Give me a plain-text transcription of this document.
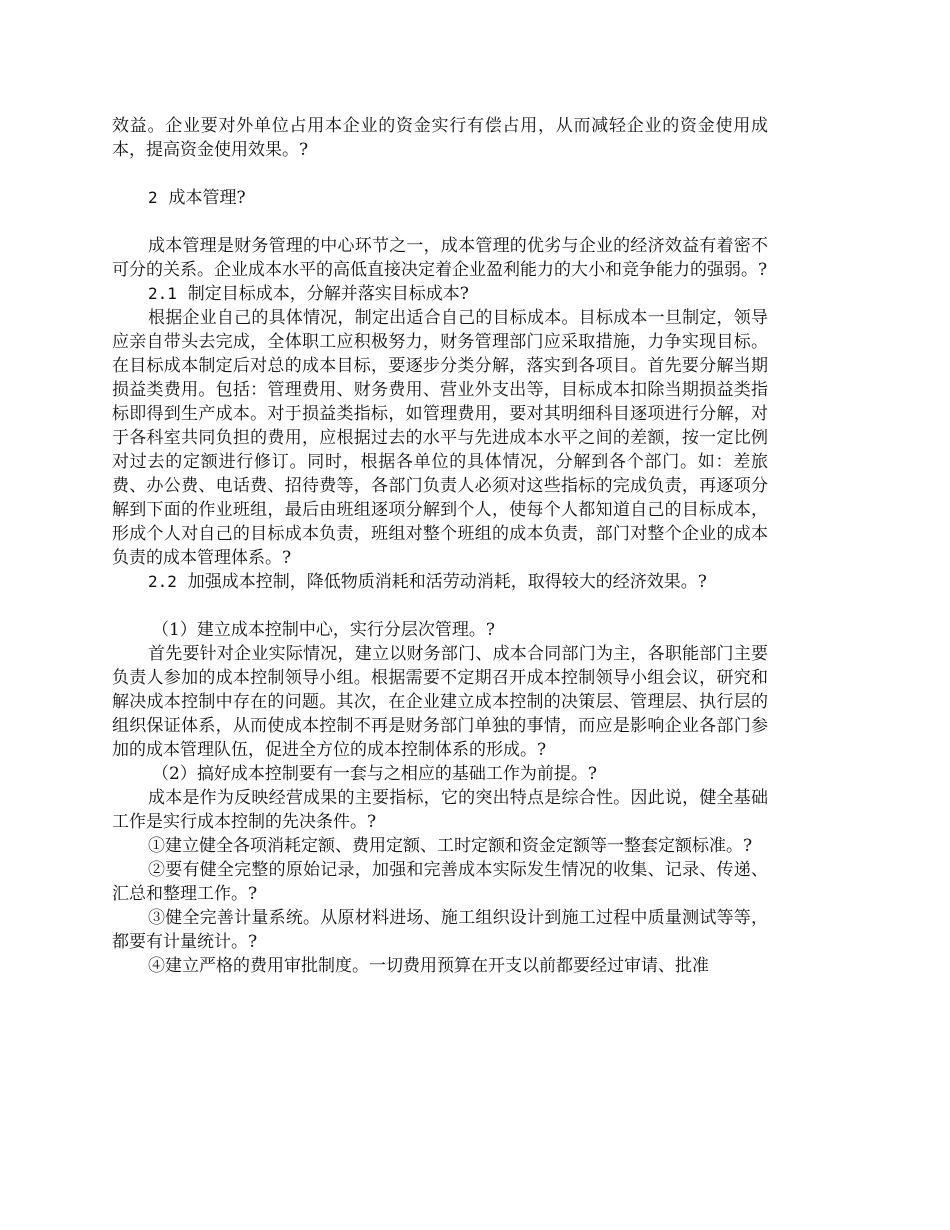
效益。企业要对外单位占用本企业的资金实行有偿占用，从而减轻企业的资金使用成本，提高资金使用效果。?

2 成本管理?

成本管理是财务管理的中心环节之一，成本管理的优劣与企业的经济效益有着密不可分的关系。企业成本水平的高低直接决定着企业盈利能力的大小和竞争能力的强弱。?

2.1 制定目标成本，分解并落实目标成本?

根据企业自己的具体情况，制定出适合自己的目标成本。目标成本一旦制定，领导应亲自带头去完成，全体职工应积极努力，财务管理部门应采取措施，力争实现目标。在目标成本制定后对总的成本目标，要逐步分类分解，落实到各项目。首先要分解当期损益类费用。包括：管理费用、财务费用、营业外支出等，目标成本扣除当期损益类指标即得到生产成本。对于损益类指标，如管理费用，要对其明细科目逐项进行分解，对于各科室共同负担的费用，应根据过去的水平与先进成本水平之间的差额，按一定比例对过去的定额进行修订。同时，根据各单位的具体情况，分解到各个部门。如：差旅费、办公费、电话费、招待费等，各部门负责人必须对这些指标的完成负责，再逐项分解到下面的作业班组，最后由班组逐项分解到个人，使每个人都知道自己的目标成本，形成个人对自己的目标成本负责，班组对整个班组的成本负责，部门对整个企业的成本负责的成本管理体系。?

2.2 加强成本控制，降低物质消耗和活劳动消耗，取得较大的经济效果。?

（1）建立成本控制中心，实行分层次管理。?

首先要针对企业实际情况，建立以财务部门、成本合同部门为主，各职能部门主要负责人参加的成本控制领导小组。根据需要不定期召开成本控制领导小组会议，研究和解决成本控制中存在的问题。其次，在企业建立成本控制的决策层、管理层、执行层的组织保证体系，从而使成本控制不再是财务部门单独的事情，而应是影响企业各部门参加的成本管理队伍，促进全方位的成本控制体系的形成。?

（2）搞好成本控制要有一套与之相应的基础工作为前提。?

成本是作为反映经营成果的主要指标，它的突出特点是综合性。因此说，健全基础工作是实行成本控制的先决条件。?

①建立健全各项消耗定额、费用定额、工时定额和资金定额等一整套定额标准。?

②要有健全完整的原始记录，加强和完善成本实际发生情况的收集、记录、传递、汇总和整理工作。?

③健全完善计量系统。从原材料进场、施工组织设计到施工过程中质量测试等等，都要有计量统计。?

④建立严格的费用审批制度。一切费用预算在开支以前都要经过审请、批准
